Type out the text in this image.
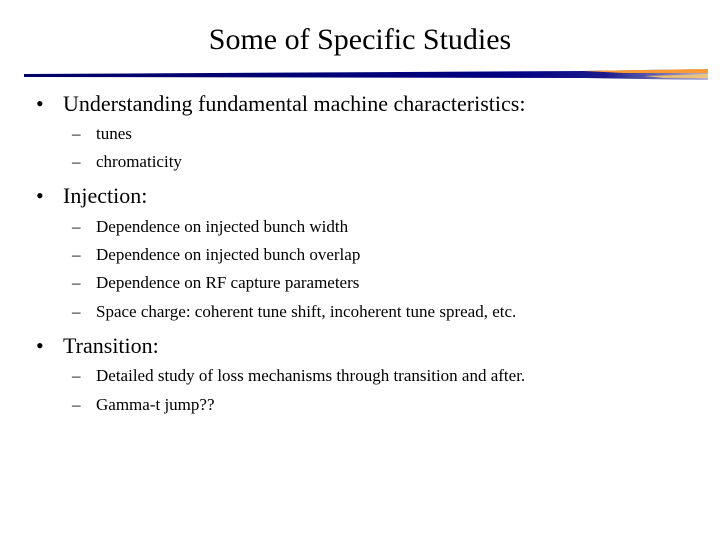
Some of Specific Studies
• Understanding fundamental machine characteristics:
– tunes
– chromaticity
• Injection:
– Dependence on injected bunch width
– Dependence on injected bunch overlap
– Dependence on RF capture parameters
– Space charge: coherent tune shift, incoherent tune spread, etc.
• Transition:
– Detailed study of loss mechanisms through transition and after.
– Gamma-t jump??
